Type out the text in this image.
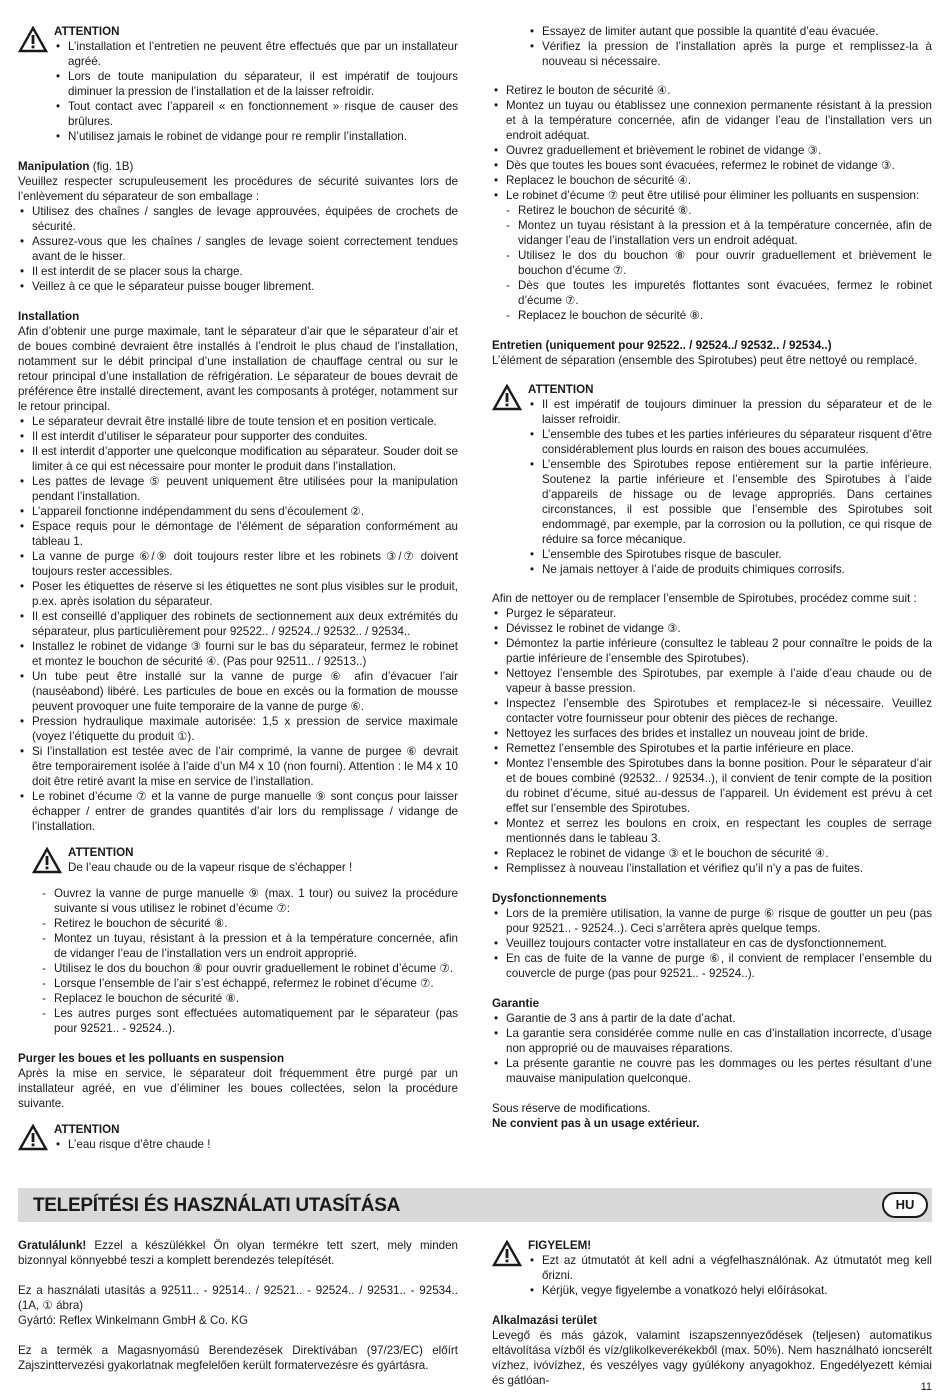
ATTENTION
• L’installation et l’entretien ne peuvent être effectués que par un installateur agréé.
• Lors de toute manipulation du séparateur, il est impératif de toujours diminuer la pression de l’installation et de la laisser refroidir.
• Tout contact avec l’appareil « en fonctionnement » risque de causer des brûlures.
• N’utilisez jamais le robinet de vidange pour re remplir l’installation.

Manipulation (fig. 1B)

Veuillez respecter scrupuleusement les procédures de sécurité suivantes lors de l’enlèvement du séparateur de son emballage :

• Utilisez des chaînes / sangles de levage approuvées, équipées de crochets de sécurité.
• Assurez-vous que les chaînes / sangles de levage soient correctement tendues avant de le hisser.
• Il est interdit de se placer sous la charge.
• Veillez à ce que le séparateur puisse bouger librement.

Installation

Afin d’obtenir une purge maximale, tant le séparateur d’air que le séparateur d’air et de boues combiné devraient être installés à l’endroit le plus chaud de l’installation, notamment sur le débit principal d’une installation de chauffage central ou sur le retour principal d’une installation de réfrigération. Le séparateur de boues devrait de préférence être installé directement, avant les composants à protéger, notamment sur le retour principal.

• Le séparateur devrait être installé libre de toute tension et en position verticale.
• Il est interdit d’utiliser le séparateur pour supporter des conduites.
• Il est interdit d’apporter une quelconque modification au séparateur. Souder doit se limiter à ce qui est nécessaire pour monter le produit dans l’installation.
• Les pattes de levage ⑤ peuvent uniquement être utilisées pour la manipulation pendant l’installation.
• L’appareil fonctionne indépendamment du sens d’écoulement ②.
• Espace requis pour le démontage de l’élément de séparation conformément au tableau 1.
• La vanne de purge ⑥/⑨ doit toujours rester libre et les robinets ③/⑦ doivent toujours rester accessibles.
• Poser les étiquettes de réserve si les étiquettes ne sont plus visibles sur le produit, p.ex. après isolation du séparateur.
• Il est conseillé d’appliquer des robinets de sectionnement aux deux extrémités du séparateur, plus particulièrement pour 92522.. / 92524../ 92532.. / 92534..
• Installez le robinet de vidange ③ fourni sur le bas du séparateur, fermez le robinet et montez le bouchon de sécurité ④. (Pas pour 92511.. / 92513..)
• Un tube peut être installé sur la vanne de purge ⑥ afin d’évacuer l’air (nauséabond) libéré. Les particules de boue en excès ou la formation de mousse peuvent provoquer une fuite temporaire de la vanne de purge ⑥.
• Pression hydraulique maximale autorisée: 1,5 x pression de service maximale (voyez l’étiquette du produit ①).
• Si l’installation est testée avec de l’air comprimé, la vanne de purgee ⑥ devrait être temporairement isolée à l’aide d’un M4 x 10 (non fourni). Attention : le M4 x 10 doit être retiré avant la mise en service de l’installation.
• Le robinet d’écume ⑦ et la vanne de purge manuelle ⑨ sont conçus pour laisser échapper / entrer de grandes quantités d’air lors du remplissage / vidange de l’installation.
ATTENTION

De l’eau chaude ou de la vapeur risque de s’échapper !

- Ouvrez la vanne de purge manuelle ⑨ (max. 1 tour) ou suivez la procédure suivante si vous utilisez le robinet d’écume ⑦:
- Retirez le bouchon de sécurité ⑧.
- Montez un tuyau, résistant à la pression et à la température concernée, afin de vidanger l’eau de l’installation vers un endroit approprié.
- Utilisez le dos du bouchon ⑧ pour ouvrir graduellement le robinet d’écume ⑦.
- Lorsque l’ensemble de l’air s’est échappé, refermez le robinet d’écume ⑦.
- Replacez le bouchon de sécurité ⑧.
- Les autres purges sont effectuées automatiquement par le séparateur (pas pour 92521.. - 92524..).

Purger les boues et les polluants en suspension

Après la mise en service, le séparateur doit fréquemment être purgé par un installateur agréé, en vue d’éliminer les boues collectées, selon la procédure suivante.

ATTENTION
• L’eau risque d’être chaude !
• Essayez de limiter autant que possible la quantité d’eau évacuée.
• Vérifiez la pression de l’installation après la purge et remplissez-la à nouveau si nécessaire.
• Retirez le bouton de sécurité ④.
• Montez un tuyau ou établissez une connexion permanente résistant à la pression et à la température concernée, afin de vidanger l’eau de l’installation vers un endroit adéquat.
• Ouvrez graduellement et brièvement le robinet de vidange ③.
• Dès que toutes les boues sont évacuées, refermez le robinet de vidange ③.
• Replacez le bouchon de sécurité ④.
• Le robinet d’écume ⑦ peut être utilisé pour éliminer les polluants en suspension:
- Retirez le bouchon de sécurité ⑧.
- Montez un tuyau résistant à la pression et à la température concernée, afin de vidanger l’eau de l’installation vers un endroit adéquat.
- Utilisez le dos du bouchon ⑧ pour ouvrir graduellement et brièvement le bouchon d’écume ⑦.
- Dès que toutes les impuretés flottantes sont évacuées, fermez le robinet d’écume ⑦.
- Replacez le bouchon de sécurité ⑧.

Entretien (uniquement pour 92522.. / 92524../ 92532.. / 92534..)

L’élément de séparation (ensemble des Spirotubes) peut être nettoyé ou remplacé.

ATTENTION
• Il est impératif de toujours diminuer la pression du séparateur et de le laisser refroidir.
• L’ensemble des tubes et les parties inférieures du séparateur risquent d’être considérablement plus lourds en raison des boues accumulées.
• L’ensemble des Spirotubes repose entièrement sur la partie inférieure. Soutenez la partie inférieure et l’ensemble des Spirotubes à l’aide d’appareils de hissage ou de levage appropriés. Dans certaines circonstances, il est possible que l’ensemble des Spirotubes soit endommagé, par exemple, par la corrosion ou la pollution, ce qui risque de réduire sa force mécanique.
• L’ensemble des Spirotubes risque de basculer.
• Ne jamais nettoyer à l’aide de produits chimiques corrosifs.

Afin de nettoyer ou de remplacer l’ensemble de Spirotubes, procédez comme suit :

• Purgez le séparateur.
• Dévissez le robinet de vidange ③.
• Démontez la partie inférieure (consultez le tableau 2 pour connaître le poids de la partie inférieure de l’ensemble des Spirotubes).
• Nettoyez l’ensemble des Spirotubes, par exemple à l’aide d’eau chaude ou de vapeur à basse pression.
• Inspectez l’ensemble des Spirotubes et remplacez-le si nécessaire. Veuillez contacter votre fournisseur pour obtenir des pièces de rechange.
• Nettoyez les surfaces des brides et installez un nouveau joint de bride.
• Remettez l’ensemble des Spirotubes et la partie inférieure en place.
• Montez l’ensemble des Spirotubes dans la bonne position. Pour le séparateur d’air et de boues combiné (92532.. / 92534..), il convient de tenir compte de la position du robinet d’écume, situé au-dessus de l’appareil. Un évidement est prévu à cet effet sur l’ensemble des Spirotubes.
• Montez et serrez les boulons en croix, en respectant les couples de serrage mentionnés dans le tableau 3.
• Replacez le robinet de vidange ③ et le bouchon de sécurité ④.
• Remplissez à nouveau l’installation et vérifiez qu’il n’y a pas de fuites.

Dysfonctionnements

• Lors de la première utilisation, la vanne de purge ⑥ risque de goutter un peu (pas pour 92521.. - 92524..). Ceci s’arrêtera après quelque temps.
• Veuillez toujours contacter votre installateur en cas de dysfonctionnement.
• En cas de fuite de la vanne de purge ⑥, il convient de remplacer l’ensemble du couvercle de purge (pas pour 92521.. - 92524..).

Garantie

• Garantie de 3 ans à partir de la date d’achat.
• La garantie sera considérée comme nulle en cas d’installation incorrecte, d’usage non approprié ou de mauvaises réparations.
• La présente garantie ne couvre pas les dommages ou les pertes résultant d’une mauvaise manipulation quelconque.

Sous réserve de modifications.

Ne convient pas à un usage extérieur.

TELEPÍTÉSI ÉS HASZNÁLATI UTASÍTÁSA	HU

Gratulálunk! Ezzel a készülékkel Ön olyan termékre tett szert, mely minden bizonnyal könnyebbé teszi a komplett berendezés telepítését.

Ez a használati utasítás a 92511.. - 92514.. / 92521.. - 92524.. / 92531.. - 92534.. (1A, ① ábra)

Gyártó: Reflex Winkelmann GmbH & Co. KG

Ez a termék a Magasnyomású Berendezések Direktívában (97/23/EC) előírt Zajszinttervezési gyakorlatnak megfelelően került formatervezésre és gyártásra.

FIGYELEM!
• Ezt az útmutatót át kell adni a végfelhasználónak. Az útmutatót meg kell őrizni.
• Kérjük, vegye figyelembe a vonatkozó helyi előírásokat.

Alkalmazási terület

Levegő és más gázok, valamint iszapszennyeződések (teljesen) automatikus eltávolítása vízből és víz/glikolkeverékekből (max. 50%). Nem használható ioncserélt vízhez, ivóvízhez, és veszélyes vagy gyúlékony anyagokhoz. Engedélyezett kémiai és gátlóan-	11
